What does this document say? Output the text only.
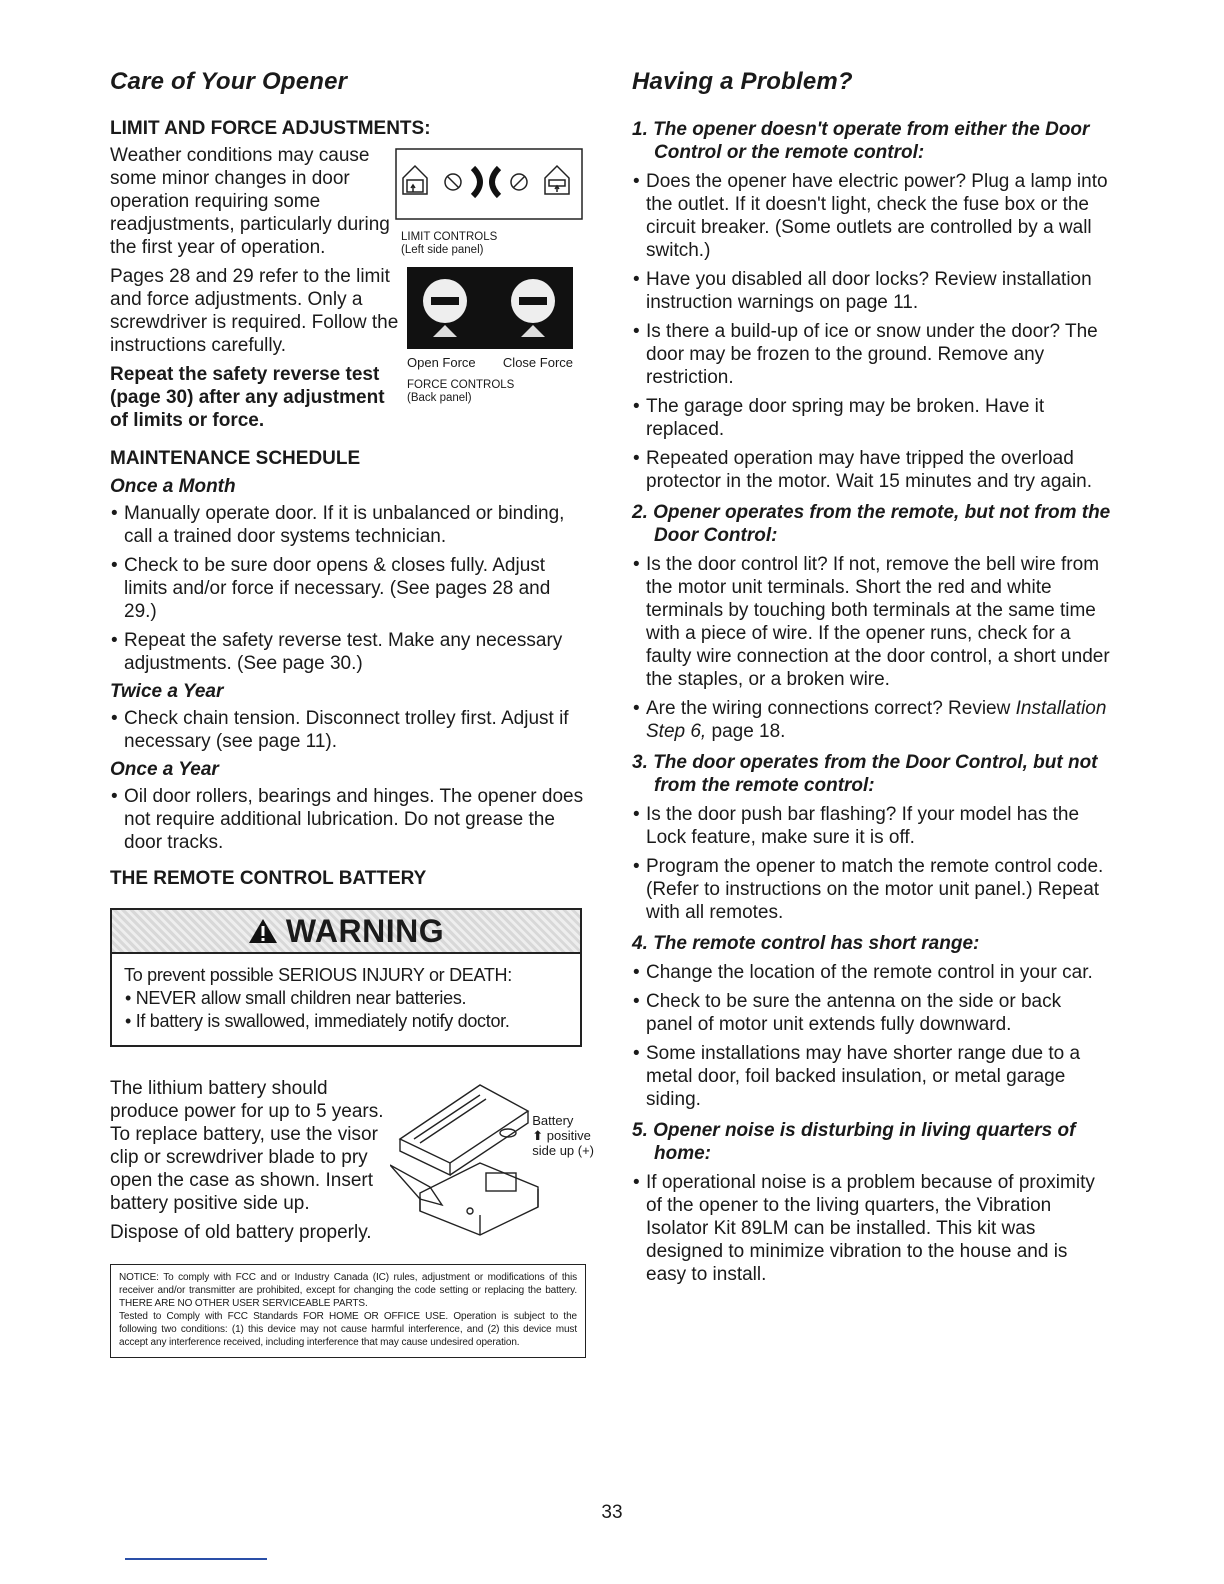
Care of Your Opener
LIMIT AND FORCE ADJUSTMENTS:
Weather conditions may cause some minor changes in door operation requiring some readjustments, particularly during the first year of operation.	LIMIT CONTROLS
(Left side panel)
Pages 28 and 29 refer to the limit and force adjustments. Only a screwdriver is required. Follow the instructions carefully.
Repeat the safety reverse test (page 30) after any adjustment of limits or force.
Open Force Close Force
FORCE CONTROLS
(Back panel)
MAINTENANCE SCHEDULE
Once a Month
• Manually operate door. If it is unbalanced or binding, call a trained door systems technician.
• Check to be sure door opens & closes fully. Adjust limits and/or force if necessary. (See pages 28 and 29.)
• Repeat the safety reverse test. Make any necessary adjustments. (See page 30.)
Twice a Year
• Check chain tension. Disconnect trolley first. Adjust if necessary (see page 11).
Once a Year
• Oil door rollers, bearings and hinges. The opener does not require additional lubrication. Do not grease the door tracks.
THE REMOTE CONTROL BATTERY
WARNING
To prevent possible SERIOUS INJURY or DEATH:
• NEVER allow small children near batteries.
• If battery is swallowed, immediately notify doctor.
The lithium battery should produce power for up to 5 years. To replace battery, use the visor clip or screwdriver blade to pry open the case as shown. Insert battery positive side up.
Dispose of old battery properly.
Battery
⬆ positive
side up (+)
NOTICE: To comply with FCC and or Industry Canada (IC) rules, adjustment or modifications of this receiver and/or transmitter are prohibited, except for changing the code setting or replacing the battery. THERE ARE NO OTHER USER SERVICEABLE PARTS.
Tested to Comply with FCC Standards FOR HOME OR OFFICE USE. Operation is subject to the following two conditions: (1) this device may not cause harmful interference, and (2) this device must accept any interference received, including interference that may cause undesired operation.
Having a Problem?
1. The opener doesn't operate from either the Door Control or the remote control:
• Does the opener have electric power? Plug a lamp into the outlet. If it doesn't light, check the fuse box or the circuit breaker. (Some outlets are controlled by a wall switch.)
• Have you disabled all door locks? Review installation instruction warnings on page 11.
• Is there a build-up of ice or snow under the door? The door may be frozen to the ground. Remove any restriction.
• The garage door spring may be broken. Have it replaced.
• Repeated operation may have tripped the overload protector in the motor. Wait 15 minutes and try again.
2. Opener operates from the remote, but not from the Door Control:
• Is the door control lit? If not, remove the bell wire from the motor unit terminals. Short the red and white terminals by touching both terminals at the same time with a piece of wire. If the opener runs, check for a faulty wire connection at the door control, a short under the staples, or a broken wire.
• Are the wiring connections correct? Review Installation Step 6, page 18.
3. The door operates from the Door Control, but not from the remote control:
• Is the door push bar flashing? If your model has the Lock feature, make sure it is off.
• Program the opener to match the remote control code. (Refer to instructions on the motor unit panel.) Repeat with all remotes.
4. The remote control has short range:
• Change the location of the remote control in your car.
• Check to be sure the antenna on the side or back panel of motor unit extends fully downward.
• Some installations may have shorter range due to a metal door, foil backed insulation, or metal garage siding.
5. Opener noise is disturbing in living quarters of home:
• If operational noise is a problem because of proximity of the opener to the living quarters, the Vibration Isolator Kit 89LM can be installed. This kit was designed to minimize vibration to the house and is easy to install.
33
